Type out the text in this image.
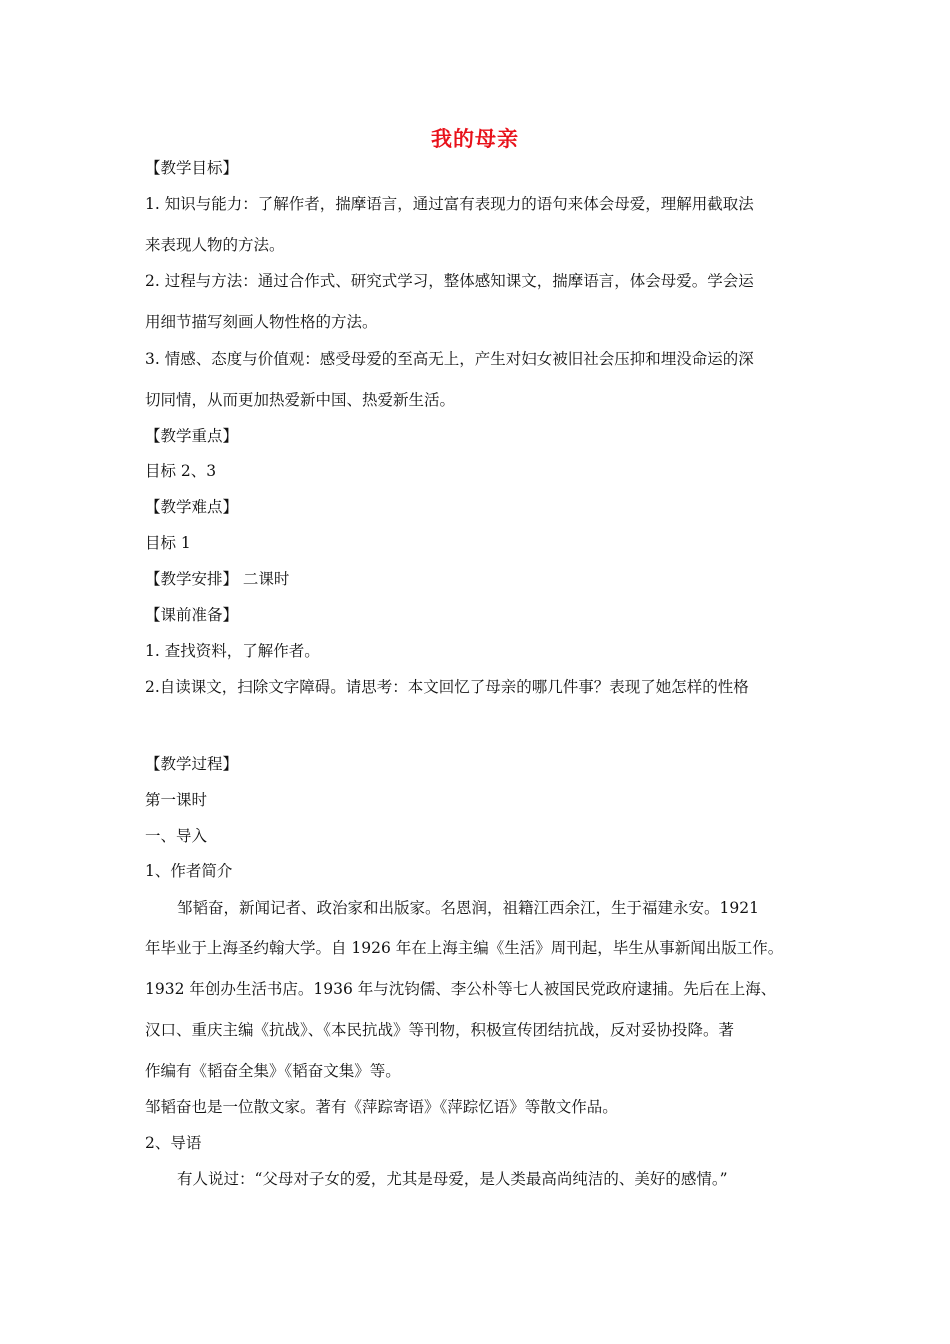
我的母亲
【教学目标】
1. 知识与能力：了解作者，揣摩语言，通过富有表现力的语句来体会母爱，理解用截取法
来表现人物的方法。
2. 过程与方法：通过合作式、研究式学习，整体感知课文，揣摩语言，体会母爱。学会运
用细节描写刻画人物性格的方法。
3. 情感、态度与价值观：感受母爱的至高无上，产生对妇女被旧社会压抑和埋没命运的深
切同情，从而更加热爱新中国、热爱新生活。
【教学重点】
目标 2、3
【教学难点】
目标 1
【教学安排】 二课时
【课前准备】
1. 查找资料，了解作者。
2.自读课文，扫除文字障碍。请思考：本文回忆了母亲的哪几件事？表现了她怎样的性格
【教学过程】
第一课时
一、导入
1、作者简介
邹韬奋，新闻记者、政治家和出版家。名恩润，祖籍江西余江，生于福建永安。1921
年毕业于上海圣约翰大学。自 1926 年在上海主编《生活》周刊起，毕生从事新闻出版工作。
1932 年创办生活书店。1936 年与沈钧儒、李公朴等七人被国民党政府逮捕。先后在上海、
汉口、重庆主编《抗战》、《本民抗战》等刊物，积极宣传团结抗战，反对妥协投降。著
作编有《韬奋全集》《韬奋文集》等。
邹韬奋也是一位散文家。著有《萍踪寄语》《萍踪忆语》等散文作品。
2、导语
有人说过：“父母对子女的爱，尤其是母爱，是人类最高尚纯洁的、美好的感情。”
